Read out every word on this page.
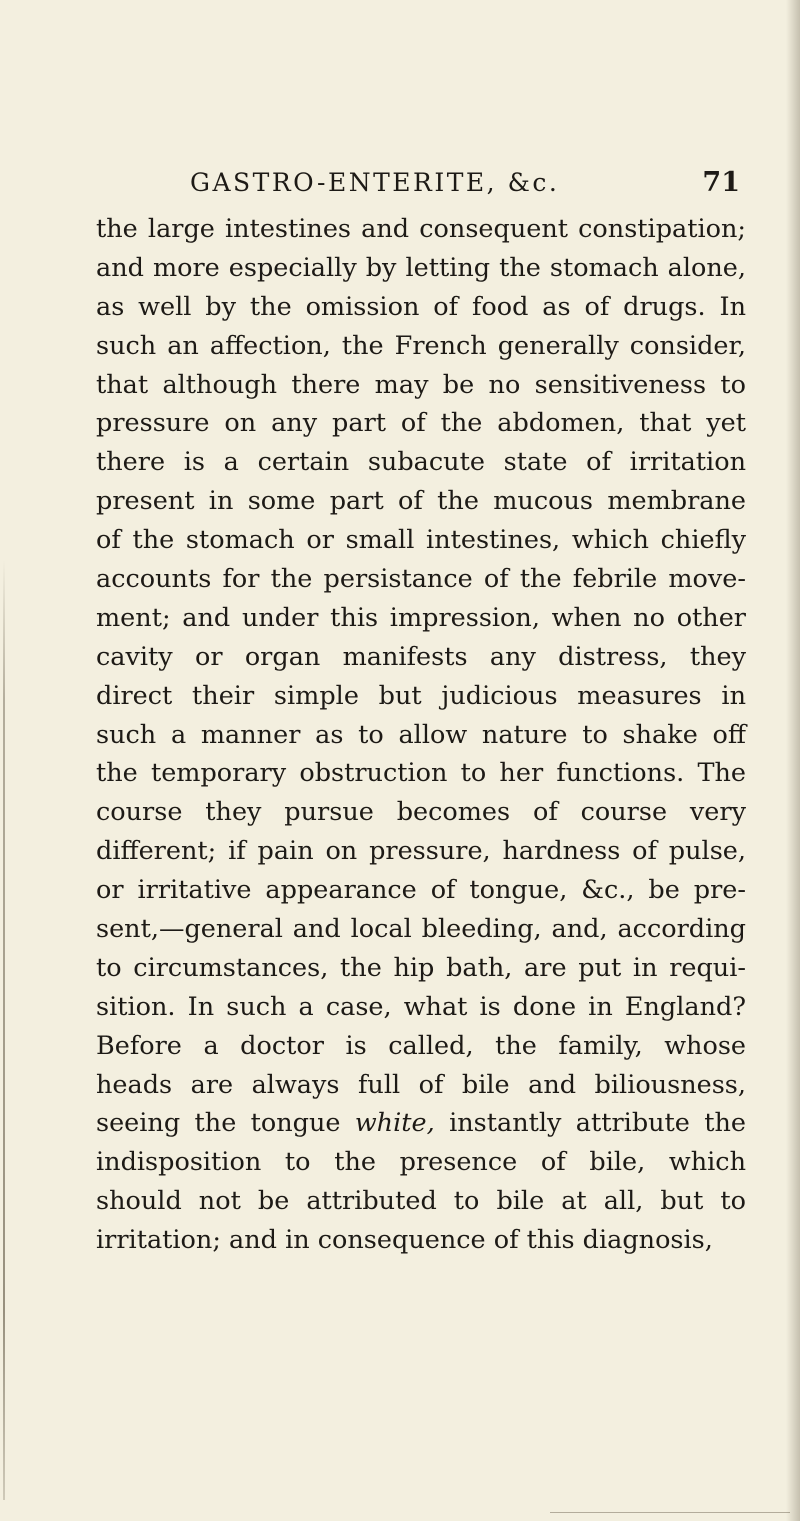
GASTRO-ENTERITE, &c.	71
the large intestines and consequent constipation;
and more especially by letting the stomach alone,
as well by the omission of food as of drugs. In
such an affection, the French generally consider,
that although there may be no sensitiveness to
pressure on any part of the abdomen, that yet
there is a certain subacute state of irritation
present in some part of the mucous membrane
of the stomach or small intestines, which chiefly
accounts for the persistance of the febrile move-
ment; and under this impression, when no other
cavity or organ manifests any distress, they
direct their simple but judicious measures in
such a manner as to allow nature to shake off
the temporary obstruction to her functions. The
course they pursue becomes of course very
different; if pain on pressure, hardness of pulse,
or irritative appearance of tongue, &c., be pre-
sent,—general and local bleeding, and, according
to circumstances, the hip bath, are put in requi-
sition. In such a case, what is done in England?
Before a doctor is called, the family, whose
heads are always full of bile and biliousness,
seeing the tongue white, instantly attribute the
indisposition to the presence of bile, which
should not be attributed to bile at all, but to
irritation; and in consequence of this diagnosis,
